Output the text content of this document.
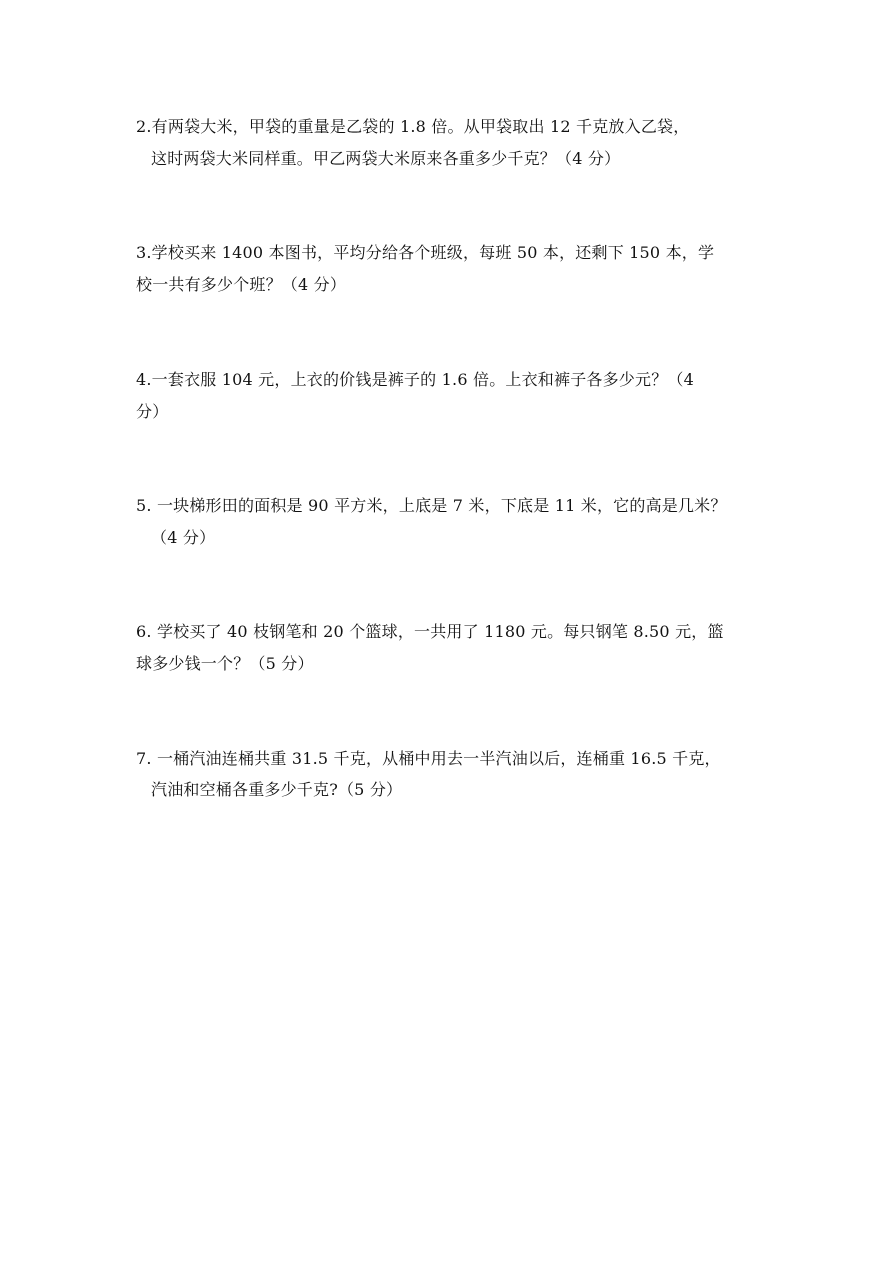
2.有两袋大米，甲袋的重量是乙袋的 1.8 倍。从甲袋取出 12 千克放入乙袋，
这时两袋大米同样重。甲乙两袋大米原来各重多少千克？（4 分）
3.学校买来 1400 本图书，平均分给各个班级，每班 50 本，还剩下 150 本，学
校一共有多少个班？（4 分）
4.一套衣服 104 元，上衣的价钱是裤子的 1.6 倍。上衣和裤子各多少元？（4
分）
5. 一块梯形田的面积是 90 平方米，上底是 7 米，下底是 11 米，它的高是几米？
（4 分）
6. 学校买了 40 枝钢笔和 20 个篮球，一共用了 1180 元。每只钢笔 8.50 元，篮
球多少钱一个？（5 分）
7. 一桶汽油连桶共重 31.5 千克，从桶中用去一半汽油以后，连桶重 16.5 千克，
汽油和空桶各重多少千克?（5 分）
